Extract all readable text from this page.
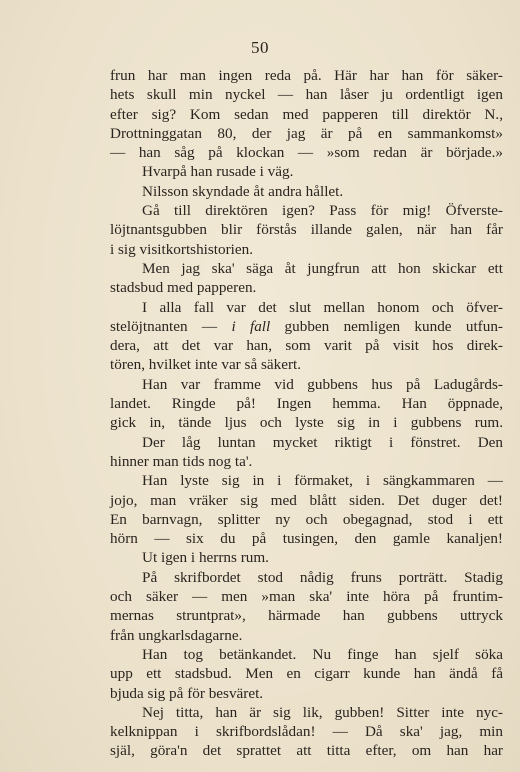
50
frun har man ingen reda på. Här har han för säker-
hets skull min nyckel — han låser ju ordentligt igen
efter sig? Kom sedan med papperen till direktör N.,
Drottninggatan 80, der jag är på en sammankomst»
— han såg på klockan — »som redan är började.»
Hvarpå han rusade i väg.
Nilsson skyndade åt andra hållet.
Gå till direktören igen? Pass för mig! Öfverste-
löjtnantsgubben blir förstås illande galen, när han får
i sig visitkortshistorien.
Men jag ska' säga åt jungfrun att hon skickar ett
stadsbud med papperen.
I alla fall var det slut mellan honom och öfver-
stelöjtnanten — i fall gubben nemligen kunde utfun-
dera, att det var han, som varit på visit hos direk-
tören, hvilket inte var så säkert.
Han var framme vid gubbens hus på Ladugårds-
landet. Ringde på! Ingen hemma. Han öppnade,
gick in, tände ljus och lyste sig in i gubbens rum.
Der låg luntan mycket riktigt i fönstret. Den
hinner man tids nog ta'.
Han lyste sig in i förmaket, i sängkammaren —
jojo, man vräker sig med blått siden. Det duger det!
En barnvagn, splitter ny och obegagnad, stod i ett
hörn — six du på tusingen, den gamle kanaljen!
Ut igen i herrns rum.
På skrifbordet stod nådig fruns porträtt. Stadig
och säker — men »man ska' inte höra på fruntim-
mernas struntprat», härmade han gubbens uttryck
från ungkarlsdagarne.
Han tog betänkandet. Nu finge han sjelf söka
upp ett stadsbud. Men en cigarr kunde han ändå få
bjuda sig på för besväret.
Nej titta, han är sig lik, gubben! Sitter inte nyc-
kelknippan i skrifbordslådan! — Då ska' jag, min
själ, göra'n det sprattet att titta efter, om han har
